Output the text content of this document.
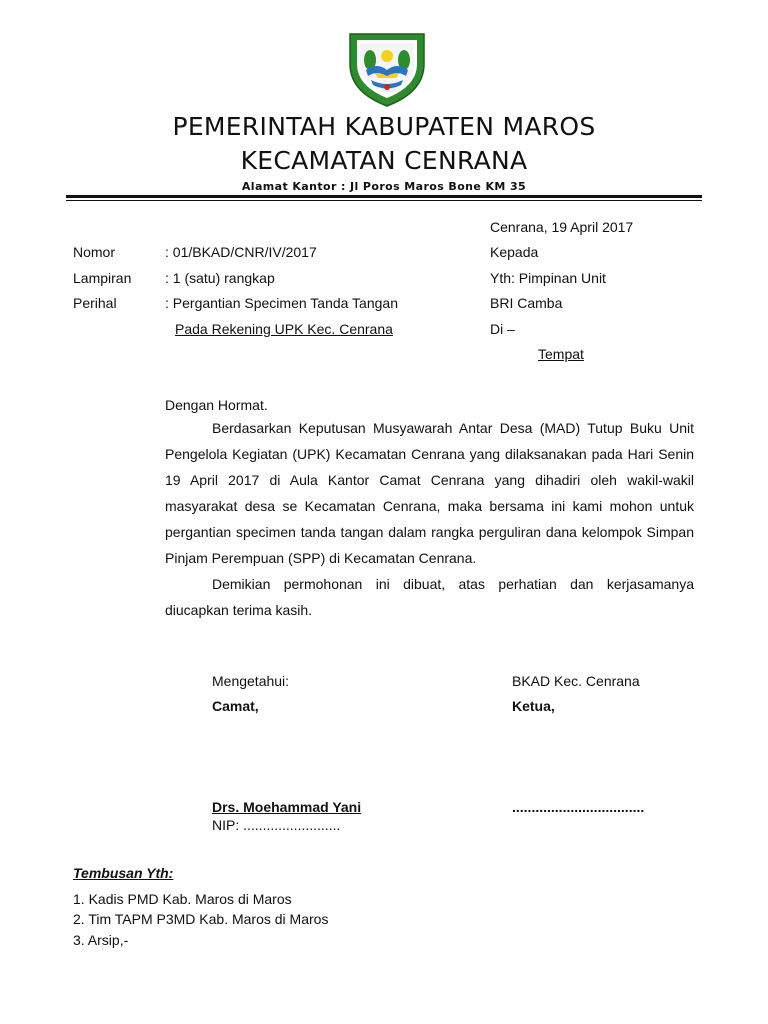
PEMERINTAH KABUPATEN MAROS
KECAMATAN CENRANA
Alamat Kantor : Jl Poros Maros Bone KM 35
Cenrana, 19 April 2017
Nomor	: 01/BKAD/CNR/IV/2017
Lampiran : 1 (satu) rangkap
Perihal	: Pergantian Specimen Tanda Tangan
Pada Rekening UPK Kec. Cenrana
Kepada
Yth: Pimpinan Unit
BRI Camba
Di –
Tempat
Dengan Hormat.

Berdasarkan Keputusan Musyawarah Antar Desa (MAD) Tutup Buku Unit Pengelola Kegiatan (UPK) Kecamatan Cenrana yang dilaksanakan pada Hari Senin 19 April 2017 di Aula Kantor Camat Cenrana yang dihadiri oleh wakil-wakil masyarakat desa se Kecamatan Cenrana, maka bersama ini kami mohon untuk pergantian specimen tanda tangan dalam rangka perguliran dana kelompok Simpan Pinjam Perempuan (SPP) di Kecamatan Cenrana.

Demikian permohonan ini dibuat, atas perhatian dan kerjasamanya diucapkan terima kasih.

Mengetahui:
Camat,
Drs. Moehammad Yani
NIP: .........................
BKAD Kec. Cenrana
Ketua,
..................................
Tembusan Yth:
1. Kadis PMD Kab. Maros di Maros
2. Tim TAPM P3MD Kab. Maros di Maros
3. Arsip,-
